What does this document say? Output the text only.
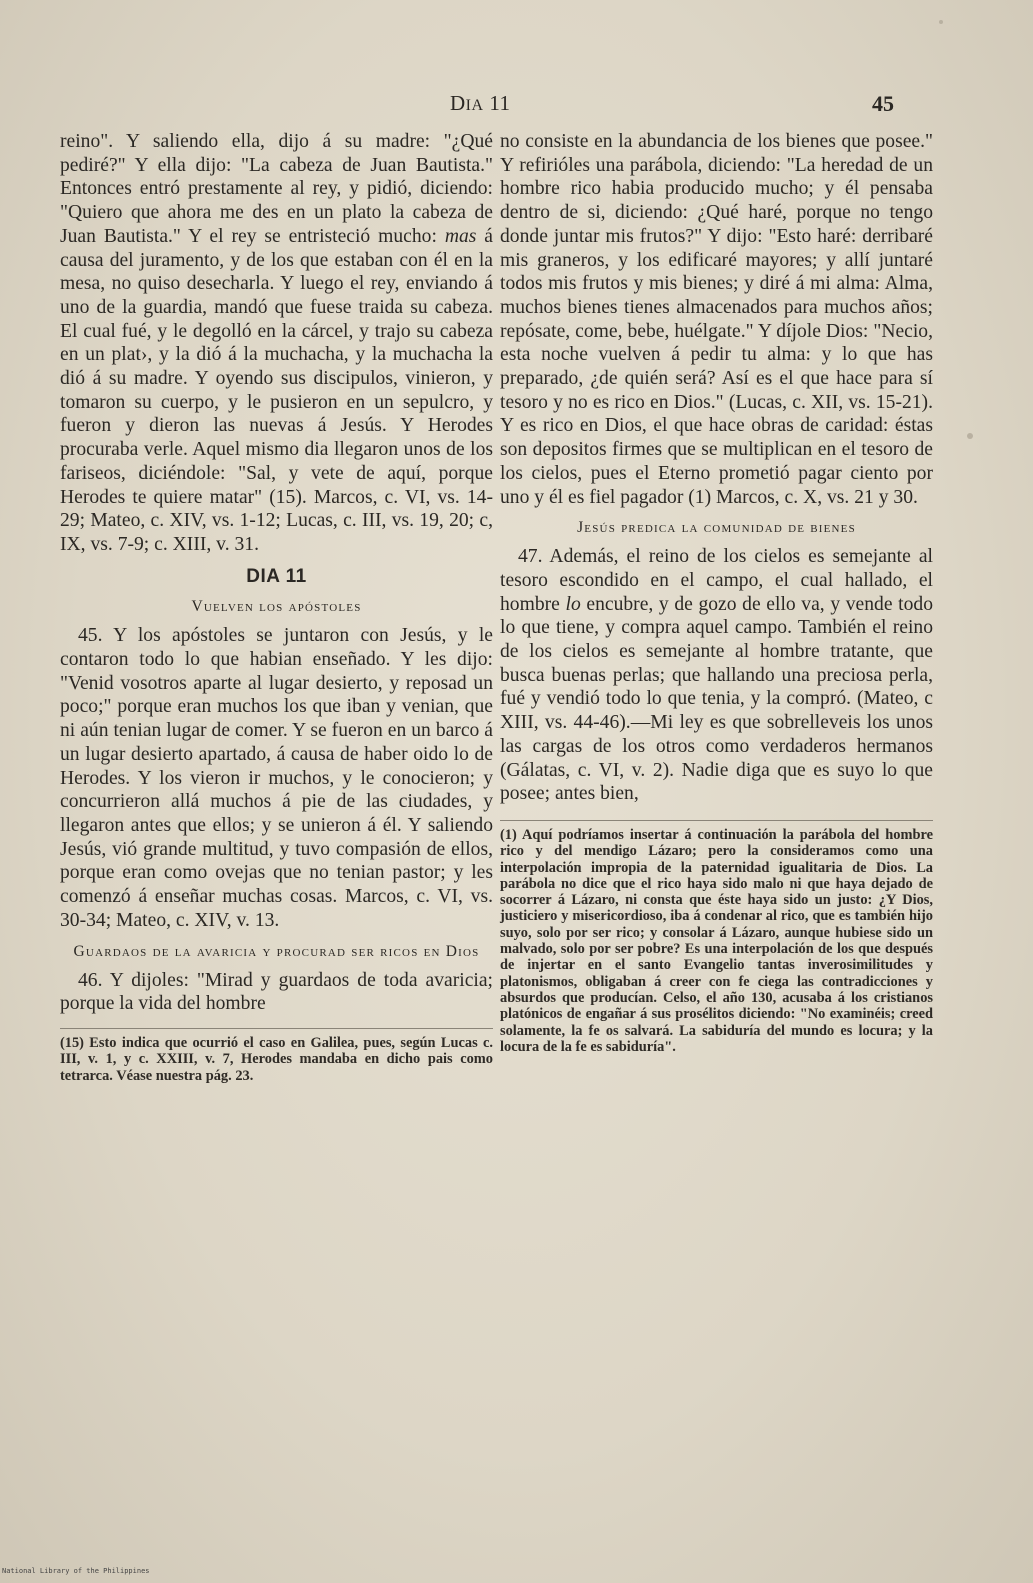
DIA 11	45

reino". Y saliendo ella, dijo á su madre: "¿Qué pediré?" Y ella dijo: "La cabeza de Juan Bautista." Entonces entró prestamente al rey, y pidió, diciendo: "Quiero que ahora me des en un plato la cabeza de Juan Bautista." Y el rey se entristeció mucho: mas á causa del juramento, y de los que estaban con él en la mesa, no quiso desecharla. Y luego el rey, enviando á uno de la guardia, mandó que fuese traida su cabeza. El cual fué, y le degolló en la cárcel, y trajo su cabeza en un plat›, y la dió á la muchacha, y la muchacha la dió á su madre. Y oyendo sus discipulos, vinieron, y tomaron su cuerpo, y le pusieron en un sepulcro, y fueron y dieron las nuevas á Jesús. Y Herodes procuraba verle. Aquel mismo dia llegaron unos de los fariseos, diciéndole: "Sal, y vete de aquí, porque Herodes te quiere matar" (15). Marcos, c. VI, vs. 14-29; Mateo, c. XIV, vs. 1-12; Lucas, c. III, vs. 19, 20; c, IX, vs. 7-9; c. XIII, v. 31.

DIA 11
Vuelven los apóstoles

45. Y los apóstoles se juntaron con Jesús, y le contaron todo lo que habian enseñado. Y les dijo: "Venid vosotros aparte al lugar desierto, y reposad un poco;" porque eran muchos los que iban y venian, que ni aún tenian lugar de comer. Y se fueron en un barco á un lugar desierto apartado, á causa de haber oido lo de Herodes. Y los vieron ir muchos, y le conocieron; y concurrieron allá muchos á pie de las ciudades, y llegaron antes que ellos; y se unieron á él. Y saliendo Jesús, vió grande multitud, y tuvo compasión de ellos, porque eran como ovejas que no tenian pastor; y les comenzó á enseñar muchas cosas. Marcos, c. VI, vs. 30-34; Mateo, c. XIV, v. 13.

Guardaos de la avaricia y procurad ser ricos en Dios

46. Y dijoles: "Mirad y guardaos de toda avaricia; porque la vida del hombre

(15) Esto indica que ocurrió el caso en Galilea, pues, según Lucas c. III, v. 1, y c. XXIII, v. 7, Herodes mandaba en dicho pais como tetrarca. Véase nuestra pág. 23.

no consiste en la abundancia de los bienes que posee." Y refirióles una parábola, diciendo: "La heredad de un hombre rico habia producido mucho; y él pensaba dentro de si, diciendo: ¿Qué haré, porque no tengo donde juntar mis frutos?" Y dijo: "Esto haré: derribaré mis graneros, y los edificaré mayores; y allí juntaré todos mis frutos y mis bienes; y diré á mi alma: Alma, muchos bienes tienes almacenados para muchos años; repósate, come, bebe, huélgate." Y díjole Dios: "Necio, esta noche vuelven á pedir tu alma: y lo que has preparado, ¿de quién será? Así es el que hace para sí tesoro y no es rico en Dios." (Lucas, c. XII, vs. 15-21). Y es rico en Dios, el que hace obras de caridad: éstas son depositos firmes que se multiplican en el tesoro de los cielos, pues el Eterno prometió pagar ciento por uno y él es fiel pagador (1) Marcos, c. X, vs. 21 y 30.

Jesús predica la comunidad de bienes

47. Además, el reino de los cielos es semejante al tesoro escondido en el campo, el cual hallado, el hombre lo encubre, y de gozo de ello va, y vende todo lo que tiene, y compra aquel campo. También el reino de los cielos es semejante al hombre tratante, que busca buenas perlas; que hallando una preciosa perla, fué y vendió todo lo que tenia, y la compró. (Mateo, c XIII, vs. 44-46).—Mi ley es que sobrelleveis los unos las cargas de los otros como verdaderos hermanos (Gálatas, c. VI, v. 2). Nadie diga que es suyo lo que posee; antes bien,

(1) Aquí podríamos insertar á continuación la parábola del hombre rico y del mendigo Lázaro; pero la consideramos como una interpolación impropia de la paternidad igualitaria de Dios. La parábola no dice que el rico haya sido malo ni que haya dejado de socorrer á Lázaro, ni consta que éste haya sido un justo: ¿Y Dios, justiciero y misericordioso, iba á condenar al rico, que es también hijo suyo, solo por ser rico; y consolar á Lázaro, aunque hubiese sido un malvado, solo por ser pobre? Es una interpolación de los que después de injertar en el santo Evangelio tantas inverosimilitudes y platonismos, obligaban á creer con fe ciega las contradicciones y absurdos que producían. Celso, el año 130, acusaba á los cristianos platónicos de engañar á sus prosélitos diciendo: "No examinéis; creed solamente, la fe os salvará. La sabiduría del mundo es locura; y la locura de la fe es sabiduría".
National Library of the Philippines
